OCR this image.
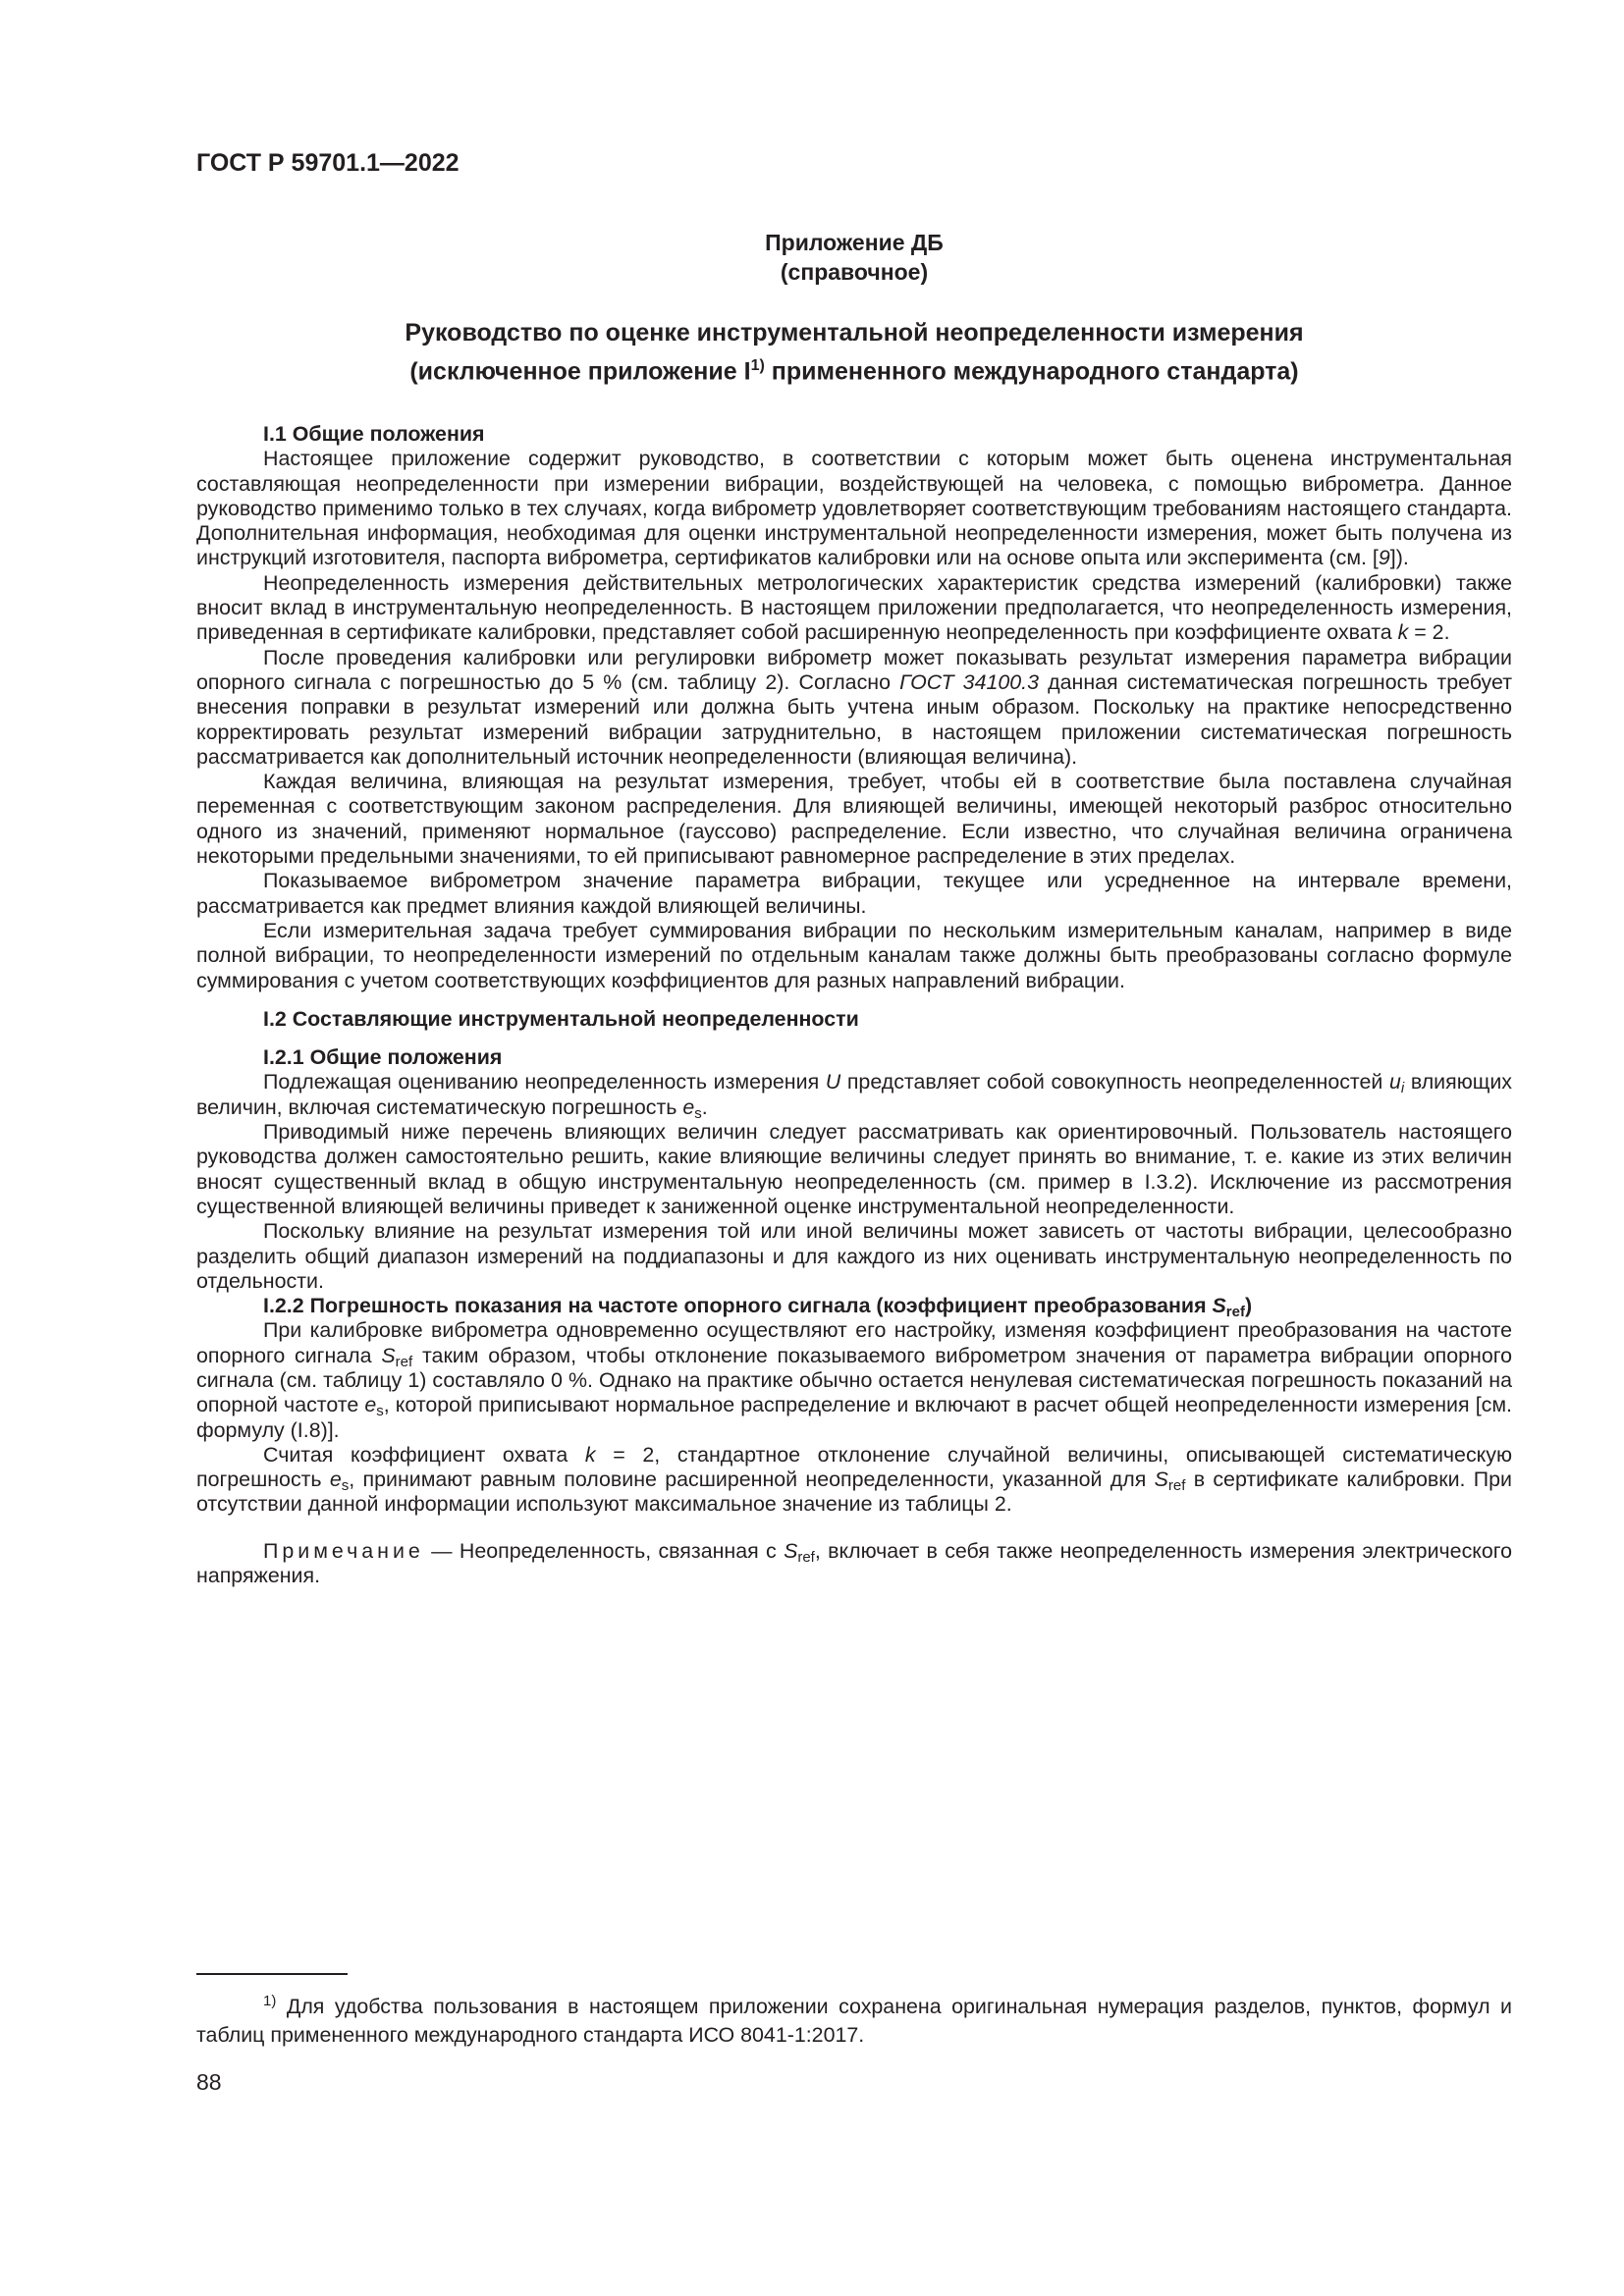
ГОСТ Р 59701.1—2022
Приложение ДБ
(справочное)
Руководство по оценке инструментальной неопределенности измерения
(исключенное приложение $I^{1)}$ примененного международного стандарта)
I.1 Общие положения

Настоящее приложение содержит руководство, в соответствии с которым может быть оценена инструментальная составляющая неопределенности при измерении вибрации, воздействующей на человека, с помощью виброметра. Данное руководство применимо только в тех случаях, когда виброметр удовлетворяет соответствующим требованиям настоящего стандарта. Дополнительная информация, необходимая для оценки инструментальной неопределенности измерения, может быть получена из инструкций изготовителя, паспорта виброметра, сертификатов калибровки или на основе опыта или эксперимента (см. [9]).

Неопределенность измерения действительных метрологических характеристик средства измерений (калибровки) также вносит вклад в инструментальную неопределенность. В настоящем приложении предполагается, что неопределенность измерения, приведенная в сертификате калибровки, представляет собой расширенную неопределенность при коэффициенте охвата k = 2.

После проведения калибровки или регулировки виброметр может показывать результат измерения параметра вибрации опорного сигнала с погрешностью до 5 % (см. таблицу 2). Согласно ГОСТ 34100.3 данная систематическая погрешность требует внесения поправки в результат измерений или должна быть учтена иным образом. Поскольку на практике непосредственно корректировать результат измерений вибрации затруднительно, в настоящем приложении систематическая погрешность рассматривается как дополнительный источник неопределенности (влияющая величина).

Каждая величина, влияющая на результат измерения, требует, чтобы ей в соответствие была поставлена случайная переменная с соответствующим законом распределения. Для влияющей величины, имеющей некоторый разброс относительно одного из значений, применяют нормальное (гауссово) распределение. Если известно, что случайная величина ограничена некоторыми предельными значениями, то ей приписывают равномерное распределение в этих пределах.

Показываемое виброметром значение параметра вибрации, текущее или усредненное на интервале времени, рассматривается как предмет влияния каждой влияющей величины.

Если измерительная задача требует суммирования вибрации по нескольким измерительным каналам, например в виде полной вибрации, то неопределенности измерений по отдельным каналам также должны быть преобразованы согласно формуле суммирования с учетом соответствующих коэффициентов для разных направлений вибрации.

I.2 Составляющие инструментальной неопределенности
I.2.1 Общие положения

Подлежащая оцениванию неопределенность измерения U представляет собой совокупность неопределенностей $u_i$ влияющих величин, включая систематическую погрешность $e_s$.

Приводимый ниже перечень влияющих величин следует рассматривать как ориентировочный. Пользователь настоящего руководства должен самостоятельно решить, какие влияющие величины следует принять во внимание, т. е. какие из этих величин вносят существенный вклад в общую инструментальную неопределенность (см. пример в I.3.2). Исключение из рассмотрения существенной влияющей величины приведет к заниженной оценке инструментальной неопределенности.

Поскольку влияние на результат измерения той или иной величины может зависеть от частоты вибрации, целесообразно разделить общий диапазон измерений на поддиапазоны и для каждого из них оценивать инструментальную неопределенность по отдельности.

I.2.2 Погрешность показания на частоте опорного сигнала (коэффициент преобразования $S_{ref}$)

При калибровке виброметра одновременно осуществляют его настройку, изменяя коэффициент преобразования на частоте опорного сигнала $S_{ref}$ таким образом, чтобы отклонение показываемого виброметром значения от параметра вибрации опорного сигнала (см. таблицу 1) составляло 0 %. Однако на практике обычно остается ненулевая систематическая погрешность показаний на опорной частоте $e_s$, которой приписывают нормальное распределение и включают в расчет общей неопределенности измерения [см. формулу (I.8)].

Считая коэффициент охвата k = 2, стандартное отклонение случайной величины, описывающей систематическую погрешность $e_s$, принимают равным половине расширенной неопределенности, указанной для $S_{ref}$ в сертификате калибровки. При отсутствии данной информации используют максимальное значение из таблицы 2.

Примечание — Неопределенность, связанная с $S_{ref}$, включает в себя также неопределенность измерения электрического напряжения.

$^{1)}$ Для удобства пользования в настоящем приложении сохранена оригинальная нумерация разделов, пунктов, формул и таблиц примененного международного стандарта ИСО 8041-1:2017.
88
